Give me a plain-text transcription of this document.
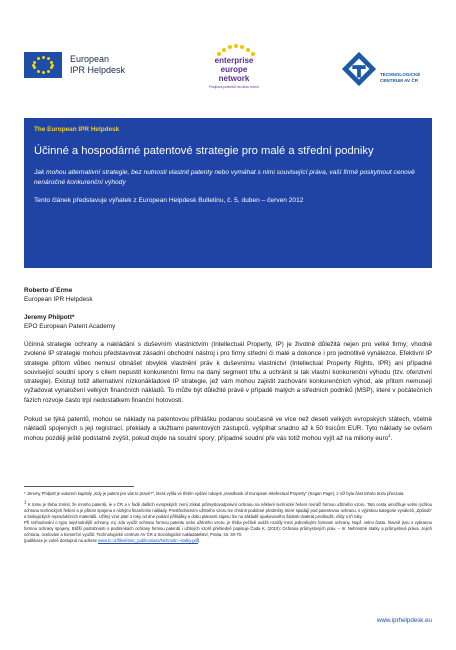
European
IPR Helpdesk
enterprise
europe
network
Podpora podniků na obou trzích
TECHNOLOGICKÉ
CENTRUM AV ČR
The European IPR Helpdesk
Účinné a hospodárné patentové strategie pro malé a střední podniky
Jak mohou alternativní strategie, bez nutnosti vlastnit patenty nebo vymáhat s nimi související práva, vaší firmě poskytnout cenově nenáročné konkurenční výhody
Tento článek představuje výňatek z European Helpdesk Bulletinu, č. 5, duben – červen 2012
Roberto d´Erme
European IPR Helpdesk
Jeremy Philpott*
EPO European Patent Academy

Účinná strategie ochrany a nakládání s duševním vlastnictvím (Intellectual Property, IP) je životně důležitá nejen pro velké firmy; vhodně zvolené IP strategie mohou představovat zásadní obchodní nástroj i pro firmy střední či malé a dokonce i pro jednotlivé vynálezce. Efektivní IP strategie přitom vůbec nemusí obnášet obvyklé vlastnění práv k duševnímu vlastnictví (Intellectual Property Rights, IPR) ani případné související soudní spory s cílem nepustit konkurenční firmu na daný segment trhu a uchránit si tak vlastní konkurenční výhodu (tzv. ofenzivní strategie). Existují totiž alternativní nízkonákladové IP strategie, jež vám mohou zajistit zachování konkurenčních výhod, ale přitom nemusejí vyžadovat vynaložení velkých finančních nákladů. To může být důležité právě v případě malých a středních podniků (MSP), které v počátečních fázích rozvoje často trpí nedostatkem finanční hotovosti.

Pokud se týká patentů, mohou se náklady na patentovou přihlášku podanou současně ve více než deseti velkých evropských státech, včetně nákladů spojených s její registrací, překlady a službami patentových zástupců, vyšplhat snadno až k 50 tisícům EUR. Tyto náklady se ovšem mohou později ještě podstatně zvýšit, pokud dojde na soudní spory; případné soudní pře vás totiž mohou vyjít až na miliony euro$^1$.

* Jeremy Philpott je autorem kapitoly „Kdy je patent pro vás to pravé?“, která vyšla ve třetím vydání rukojeti „Handbook of European Intellectual Property“ (Kogan Page), z níž byla část tohoto textu převzata.
$^1$ K tomu je třeba zmínit, že mnoho patentů, ie v ČR a v řadě dalších evropských zemí získat průmyslovodprávní ochranu na některé technické řešení rovněž formou užitného vzoru. Tato cesta umožňuje velmi rychlou ochranu technických řešení a je přitom spojena s nízkými finančními náklady. Prostřednictvím užitného vzoru lze chránit podobné předměty, které spadají pod patentovou ochranu, s výjimkou kategorie vynálezů „Způsob“ a biologických reprodukčních materiálů. Užitný vzor platí 4 roky od dne podání přihlášky a dobu platnosti zápisu lze na základě opakovaného žádosti dvakrát prodloužit, vždy o tři roky.
Při rozhodování o typu nejvhodnější ochrany, mj. zda využít ochranu formou patentu nebo užitného vzoru, je třeba pečlivě uvážit rozdíly mezi jednotlivými formami ochrany. Např. velmi často, hlavně jsou s vybranou formou ochrany spojeny. Bližší podrobnosti o podmínkách ochrany formou patentů i užitných vzorů přehledně popisuje Čada K. (2010): Ochrana průmyslových práv. – In: Nehmotné statky a průmyslová práva. Jejich ochrana, ocelování a komerční využití. Technologické centrum AV ČR a Sociologické nakladatelství, Praha, str. 30-70.
(publikace je volně dostupná na adrese www.tc.cz/files/istec_publications/Nehmotn--statky.pdf).
www.iprhelpdesk.eu
